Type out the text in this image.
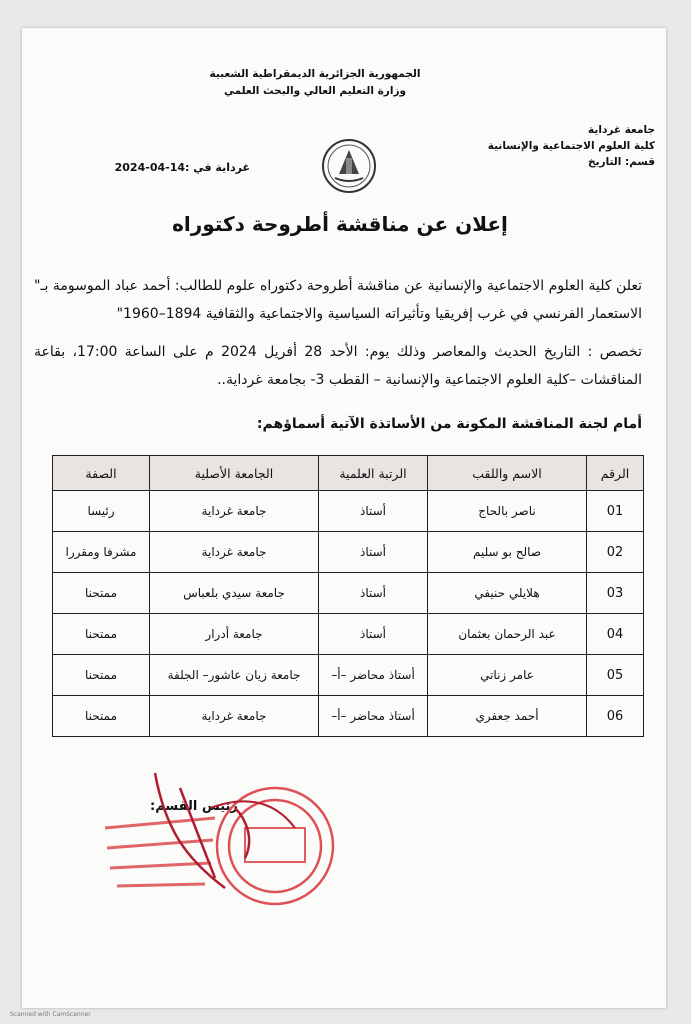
الجمهورية الجزائرية الديمقراطية الشعبية
وزارة التعليم العالي والبحث العلمي
جامعة غرداية
كلية العلوم الاجتماعية والإنسانية
قسم: التاريخ
غرداية في :14-04-2024
إعلان عن مناقشة أطروحة دكتوراه
تعلن كلية العلوم الاجتماعية والإنسانية عن مناقشة أطروحة دكتوراه علوم للطالب: أحمد عباد الموسومة بـ" الاستعمار الفرنسي في غرب إفريقيا وتأثيراته السياسية والاجتماعية والثقافية 1894–1960"
تخصص : التاريخ الحديث والمعاصر وذلك يوم: الأحد 28 أفريل 2024 م على الساعة 17:00، بقاعة المناقشات –كلية العلوم الاجتماعية والإنسانية – القطب 3- بجامعة غرداية..
أمام لجنة المناقشة المكونة من الأساتذة الآتية أسماؤهم:
الرقم	الاسم واللقب	الرتبة العلمية	الجامعة الأصلية	الصفة
01	ناصر بالحاج	أستاذ	جامعة غرداية	رئيسا
02	صالح بو سليم	أستاذ	جامعة غرداية	مشرفا ومقررا
03	هلايلي حنيفي	أستاذ	جامعة سيدي بلعباس	ممتحنا
04	عبد الرحمان بعثمان	أستاذ	جامعة أدرار	ممتحنا
05	عامر زناتي	أستاذ محاضر –أ–	جامعة زيان عاشور– الجلفة	ممتحنا
06	أحمد جعفري	أستاذ محاضر –أ–	جامعة غرداية	ممتحنا
رئيس القسم:
Scanned with CamScanner
